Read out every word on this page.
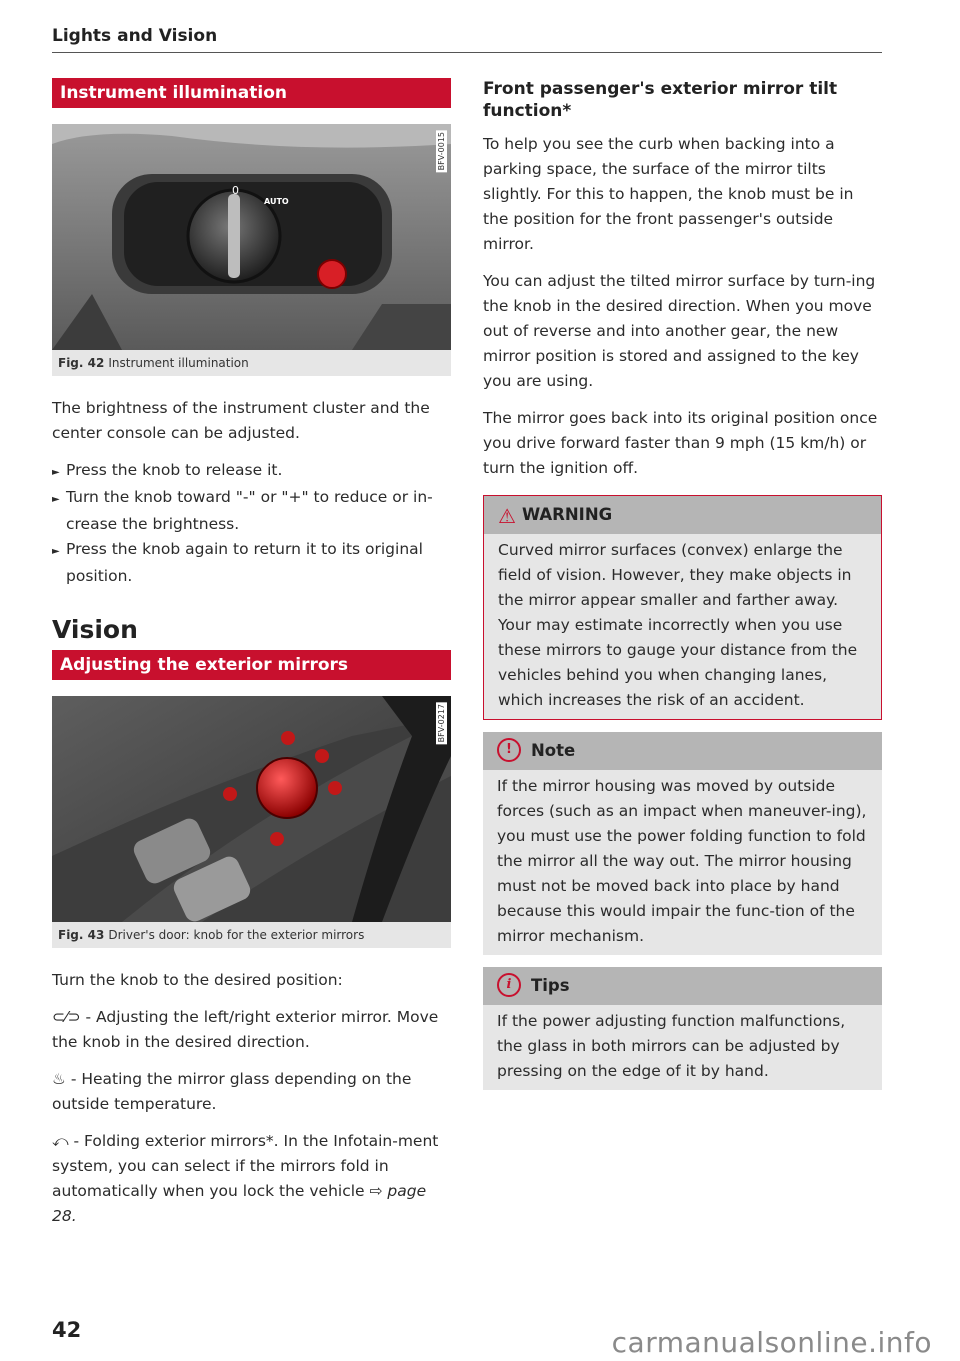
Lights and Vision
Instrument illumination
0
AUTO
BFV-0015
Fig. 42 Instrument illumination

The brightness of the instrument cluster and the center console can be adjusted.

► Press the knob to release it.
► Turn the knob toward "-" or "+" to reduce or in-crease the brightness.
► Press the knob again to return it to its original position.
Vision
Adjusting the exterior mirrors
BFV-0217
Fig. 43 Driver's door: knob for the exterior mirrors

Turn the knob to the desired position:

⊂⁄⊃ - Adjusting the left/right exterior mirror. Move the knob in the desired direction.

♨ - Heating the mirror glass depending on the outside temperature.

⤺ - Folding exterior mirrors*. In the Infotain-ment system, you can select if the mirrors fold in automatically when you lock the vehicle ⇨ page 28.

Front passenger's exterior mirror tilt function*

To help you see the curb when backing into a parking space, the surface of the mirror tilts slightly. For this to happen, the knob must be in the position for the front passenger's outside mirror.

You can adjust the tilted mirror surface by turn-ing the knob in the desired direction. When you move out of reverse and into another gear, the new mirror position is stored and assigned to the key you are using.

The mirror goes back into its original position once you drive forward faster than 9 mph (15 km/h) or turn the ignition off.

⚠ WARNING

Curved mirror surfaces (convex) enlarge the field of vision. However, they make objects in the mirror appear smaller and farther away. Your may estimate incorrectly when you use these mirrors to gauge your distance from the vehicles behind you when changing lanes, which increases the risk of an accident.

! Note

If the mirror housing was moved by outside forces (such as an impact when maneuver-ing), you must use the power folding function to fold the mirror all the way out. The mirror housing must not be moved back into place by hand because this would impair the func-tion of the mirror mechanism.

i Tips

If the power adjusting function malfunctions, the glass in both mirrors can be adjusted by pressing on the edge of it by hand.

42	carmanualsonline.info
